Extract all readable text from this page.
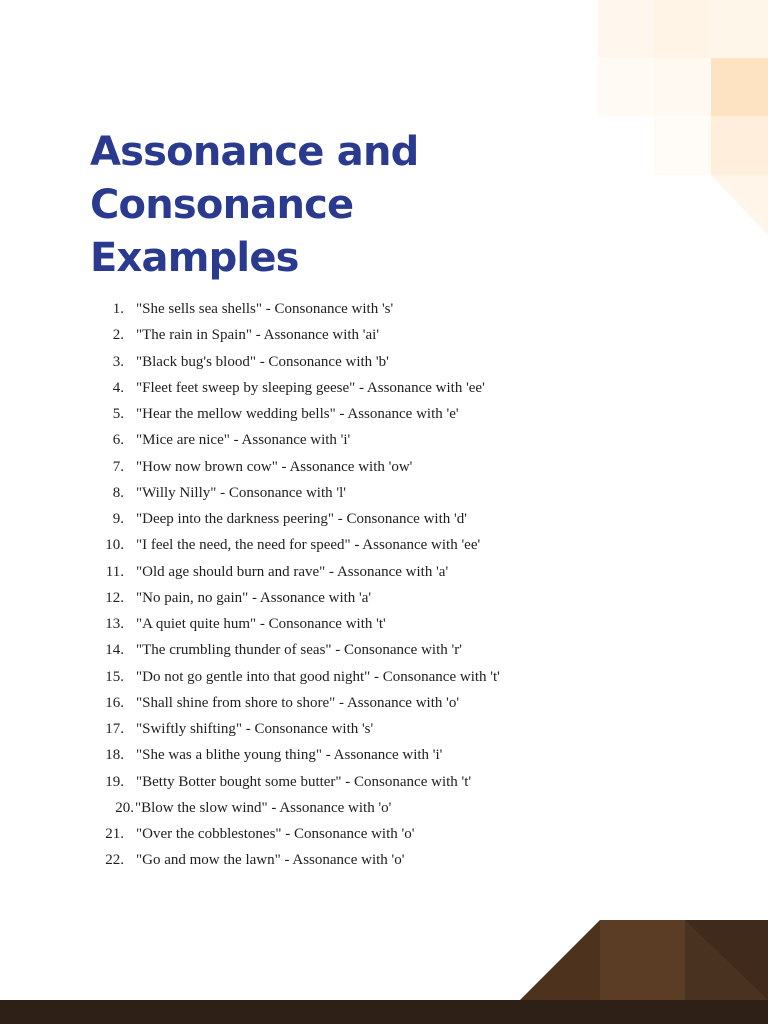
Assonance and
Consonance
Examples
1. "She sells sea shells" - Consonance with 's'
2. "The rain in Spain" - Assonance with 'ai'
3. "Black bug's blood" - Consonance with 'b'
4. "Fleet feet sweep by sleeping geese" - Assonance with 'ee'
5. "Hear the mellow wedding bells" - Assonance with 'e'
6. "Mice are nice" - Assonance with 'i'
7. "How now brown cow" - Assonance with 'ow'
8. "Willy Nilly" - Consonance with 'l'
9. "Deep into the darkness peering" - Consonance with 'd'
10. "I feel the need, the need for speed" - Assonance with 'ee'
11. "Old age should burn and rave" - Assonance with 'a'
12. "No pain, no gain" - Assonance with 'a'
13. "A quiet quite hum" - Consonance with 't'
14. "The crumbling thunder of seas" - Consonance with 'r'
15. "Do not go gentle into that good night" - Consonance with 't'
16. "Shall shine from shore to shore" - Assonance with 'o'
17. "Swiftly shifting" - Consonance with 's'
18. "She was a blithe young thing" - Assonance with 'i'
19. "Betty Botter bought some butter" - Consonance with 't'
20. "Blow the slow wind" - Assonance with 'o'
21. "Over the cobblestones" - Consonance with 'o'
22. "Go and mow the lawn" - Assonance with 'o'
